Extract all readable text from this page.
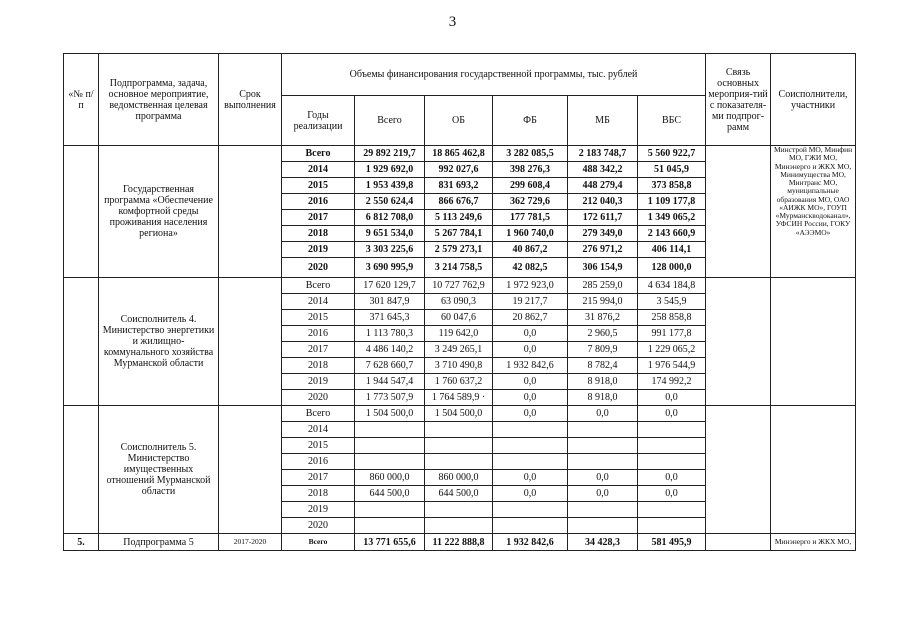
3
«№ п/п	Подпрограмма, задача, основное мероприятие, ведомственная целевая программа	Срок выполнения	Объемы финансирования государственной программы, тыс. рублей						Связь основных мероприя-тий с показателя-ми подпрог-рамм	Соисполнители, участники
			Годы реализации	Всего	ОБ	ФБ	МБ	ВБС		
	Государственная программа «Обеспечение комфортной среды проживания населения региона»		Всего	29 892 219,7	18 865 462,8	3 282 085,5	2 183 748,7	5 560 922,7		Минстрой МО, Минфин МО, ГЖИ МО, Минэнерго и ЖКХ МО, Минимущества МО, Минтранс МО, муниципальные образования МО, ОАО «АИЖК МО», ГОУП «Мурманскводоканал», УФСИН России, ГОКУ «АЭЭМО»
			2014	1 929 692,0	992 027,6	398 276,3	488 342,2	51 045,9		
			2015	1 953 439,8	831 693,2	299 608,4	448 279,4	373 858,8		
			2016	2 550 624,4	866 676,7	362 729,6	212 040,3	1 109 177,8		
			2017	6 812 708,0	5 113 249,6	177 781,5	172 611,7	1 349 065,2		
			2018	9 651 534,0	5 267 784,1	1 960 740,0	279 349,0	2 143 660,9		
			2019	3 303 225,6	2 579 273,1	40 867,2	276 971,2	406 114,1		
			2020	3 690 995,9	3 214 758,5	42 082,5	306 154,9	128 000,0		
	Соисполнитель 4. Министерство энергетики и жилищно-коммунального хозяйства Мурманской области		Всего	17 620 129,7	10 727 762,9	1 972 923,0	285 259,0	4 634 184,8		
			2014	301 847,9	63 090,3	19 217,7	215 994,0	3 545,9		
			2015	371 645,3	60 047,6	20 862,7	31 876,2	258 858,8		
			2016	1 113 780,3	119 642,0	0,0	2 960,5	991 177,8		
			2017	4 486 140,2	3 249 265,1	0,0	7 809,9	1 229 065,2		
			2018	7 628 660,7	3 710 490,8	1 932 842,6	8 782,4	1 976 544,9		
			2019	1 944 547,4	1 760 637,2	0,0	8 918,0	174 992,2		
			2020	1 773 507,9	1 764 589,9 ·	0,0	8 918,0	0,0		
	Соисполнитель 5. Министерство имущественных отношений Мурманской области		Всего	1 504 500,0	1 504 500,0	0,0	0,0	0,0		
			2014							
			2015							
			2016							
			2017	860 000,0	860 000,0	0,0	0,0	0,0		
			2018	644 500,0	644 500,0	0,0	0,0	0,0		
			2019							
			2020							
5.	Подпрограмма 5	2017-2020	Всего	13 771 655,6	11 222 888,8	1 932 842,6	34 428,3	581 495,9		Минэнерго и ЖКХ МО,
